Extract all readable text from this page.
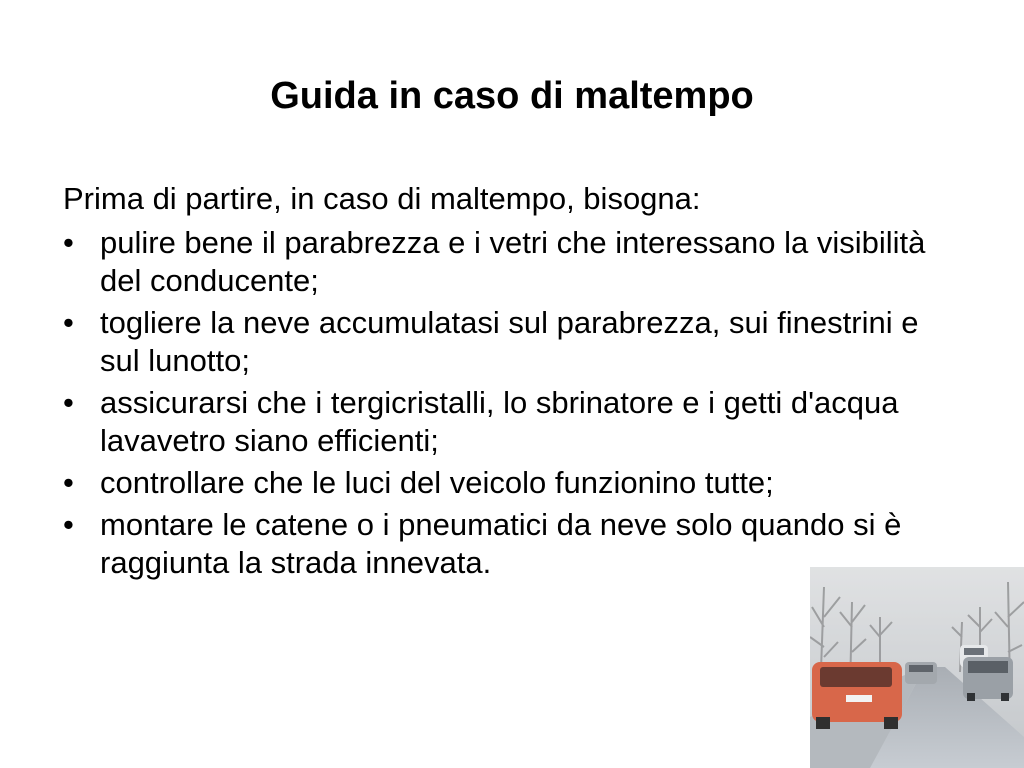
Guida in caso di maltempo

Prima di partire, in caso di maltempo, bisogna:

• pulire bene il parabrezza e i vetri che interessano la visibilità del conducente;
• togliere la neve accumulatasi sul parabrezza, sui finestrini e sul lunotto;
• assicurarsi che i tergicristalli, lo sbrinatore e i getti d'acqua lavavetro siano efficienti;
• controllare che le luci del veicolo funzionino tutte;
• montare le catene o i pneumatici da neve solo quando si è raggiunta la strada innevata.
